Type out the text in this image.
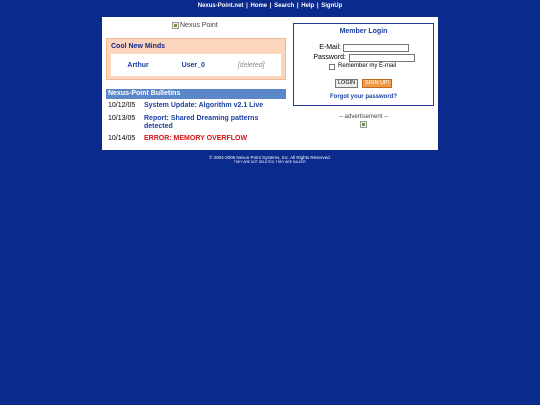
Nexus-Point.net | Home | Search | Help | SignUp
Nexus Point
Cool New Minds
Arthur	User_0	[deleted]
Nexus-Point Bulletins
10/12/05	System Update: Algorithm v2.1 Live
10/13/05	Report: Shared Dreaming patterns detected
10/14/05	ERROR: MEMORY OVERFLOW
Member Login
E-Mail:
Password:
Remember my E-mail
LOGIN	SIGN UP!
Forgot your password?
-- advertisement --
© 2004-2005 Nexus-Point Systems, Inc. All Rights Reserved.
THEY ARE NOT DELETED. THEY ARE SALEEP.
